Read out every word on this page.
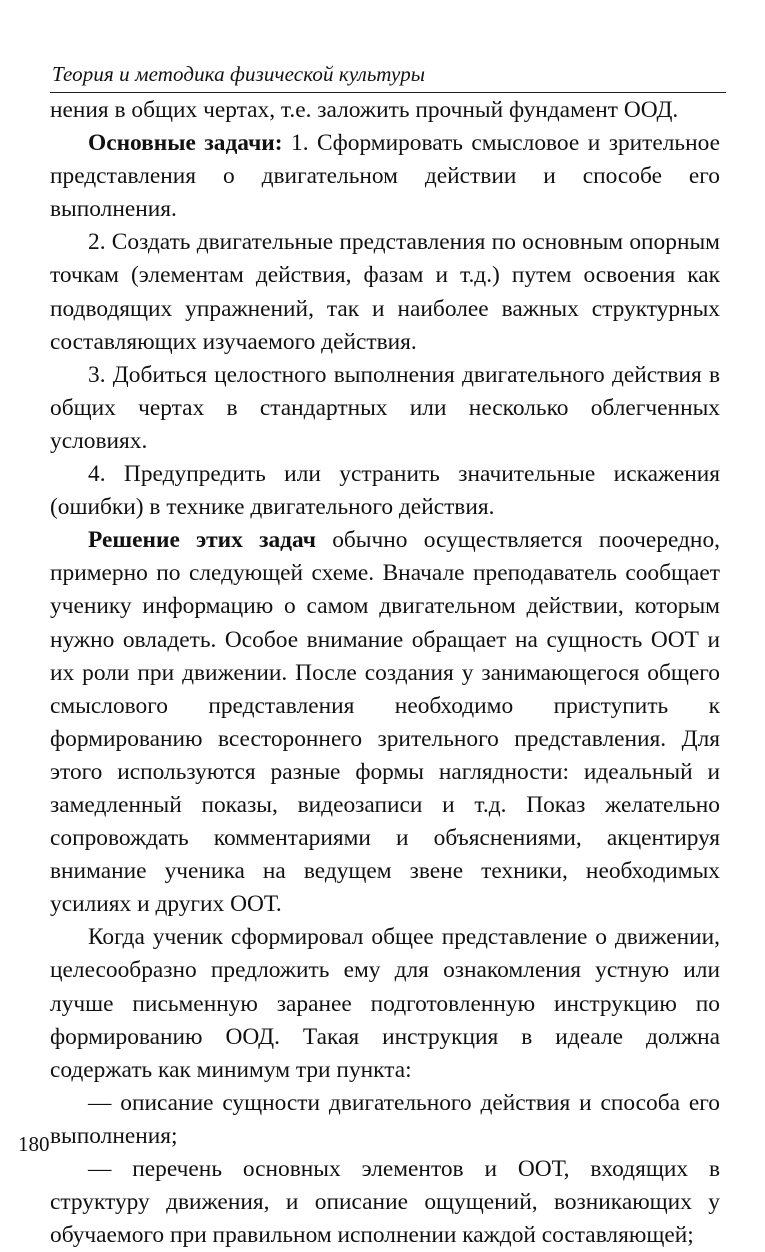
Теория и методика физической культуры

нения в общих чертах, т.е. заложить прочный фундамент ООД.

Основные задачи: 1. Сформировать смысловое и зрительное представления о двигательном действии и способе его выполнения.

2. Создать двигательные представления по основным опорным точкам (элементам действия, фазам и т.д.) путем освоения как подводящих упражнений, так и наиболее важных структурных составляющих изучаемого действия.

3. Добиться целостного выполнения двигательного действия в общих чертах в стандартных или несколько облегченных условиях.

4. Предупредить или устранить значительные искажения (ошибки) в технике двигательного действия.

Решение этих задач обычно осуществляется поочередно, примерно по следующей схеме. Вначале преподаватель сообщает ученику информацию о самом двигательном действии, которым нужно овладеть. Особое внимание обращает на сущность ООТ и их роли при движении. После создания у занимающегося общего смыслового представления необходимо приступить к формированию всестороннего зрительного представления. Для этого используются разные формы наглядности: идеальный и замедленный показы, видеозаписи и т.д. Показ желательно сопровождать комментариями и объяснениями, акцентируя внимание ученика на ведущем звене техники, необходимых усилиях и других ООТ.

Когда ученик сформировал общее представление о движении, целесообразно предложить ему для ознакомления устную или лучше письменную заранее подготовленную инструкцию по формированию ООД. Такая инструкция в идеале должна содержать как минимум три пункта:

— описание сущности двигательного действия и способа его выполнения;

— перечень основных элементов и ООТ, входящих в структуру движения, и описание ощущений, возникающих у обучаемого при правильном исполнении каждой составляющей;

180
